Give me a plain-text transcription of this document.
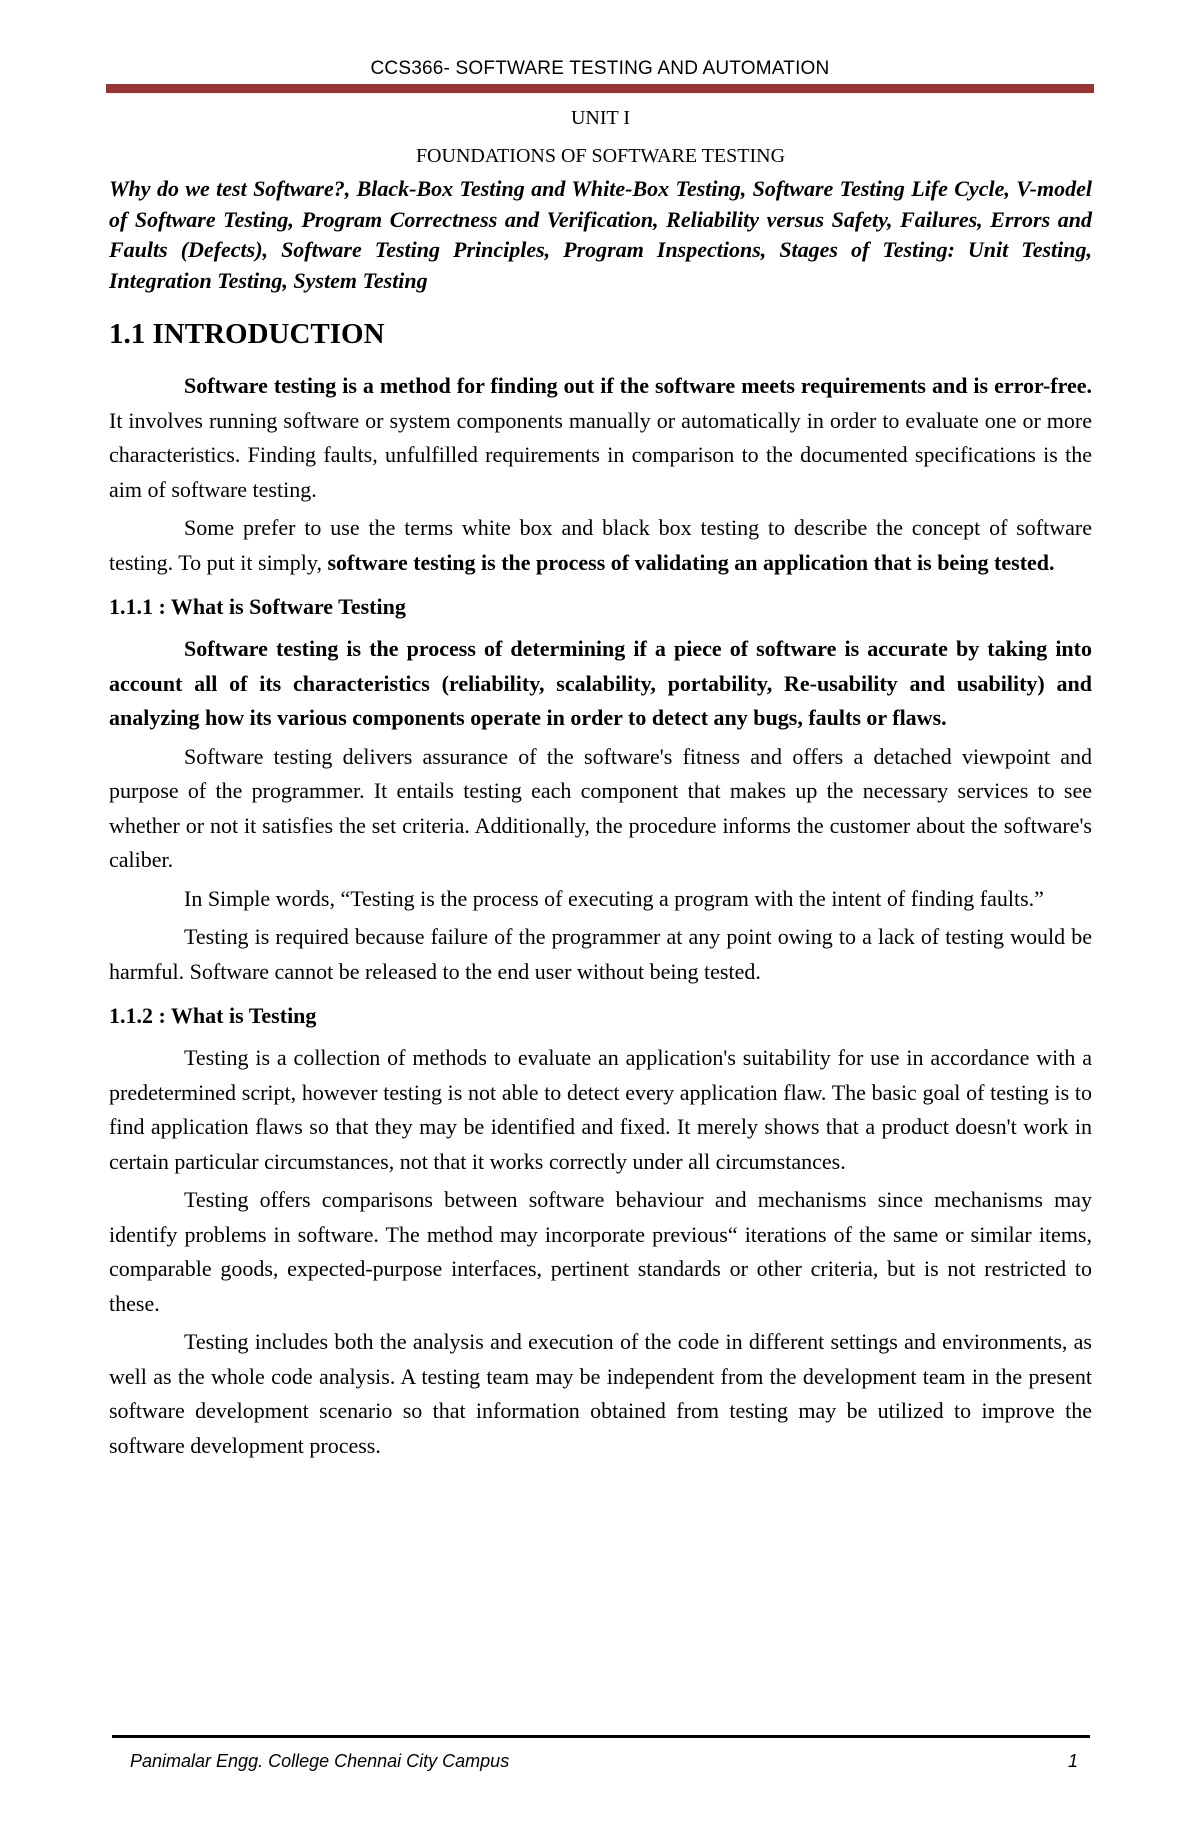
CCS366- SOFTWARE TESTING AND AUTOMATION
UNIT I
FOUNDATIONS OF SOFTWARE TESTING

Why do we test Software?, Black-Box Testing and White-Box Testing, Software Testing Life Cycle, V-model of Software Testing, Program Correctness and Verification, Reliability versus Safety, Failures, Errors and Faults (Defects), Software Testing Principles, Program Inspections, Stages of Testing: Unit Testing, Integration Testing, System Testing

1.1 INTRODUCTION

Software testing is a method for finding out if the software meets requirements and is error-free. It involves running software or system components manually or automatically in order to evaluate one or more characteristics. Finding faults, unfulfilled requirements in comparison to the documented specifications is the aim of software testing.

Some prefer to use the terms white box and black box testing to describe the concept of software testing. To put it simply, software testing is the process of validating an application that is being tested.

1.1.1 : What is Software Testing

Software testing is the process of determining if a piece of software is accurate by taking into account all of its characteristics (reliability, scalability, portability, Re-usability and usability) and analyzing how its various components operate in order to detect any bugs, faults or flaws.

Software testing delivers assurance of the software's fitness and offers a detached viewpoint and purpose of the programmer. It entails testing each component that makes up the necessary services to see whether or not it satisfies the set criteria. Additionally, the procedure informs the customer about the software's caliber.

In Simple words, “Testing is the process of executing a program with the intent of finding faults.”

Testing is required because failure of the programmer at any point owing to a lack of testing would be harmful. Software cannot be released to the end user without being tested.

1.1.2 : What is Testing

Testing is a collection of methods to evaluate an application's suitability for use in accordance with a predetermined script, however testing is not able to detect every application flaw. The basic goal of testing is to find application flaws so that they may be identified and fixed. It merely shows that a product doesn't work in certain particular circumstances, not that it works correctly under all circumstances.

Testing offers comparisons between software behaviour and mechanisms since mechanisms may identify problems in software. The method may incorporate previous“ iterations of the same or similar items, comparable goods, expected-purpose interfaces, pertinent standards or other criteria, but is not restricted to these.

Testing includes both the analysis and execution of the code in different settings and environments, as well as the whole code analysis. A testing team may be independent from the development team in the present software development scenario so that information obtained from testing may be utilized to improve the software development process.

Panimalar Engg. College Chennai City Campus	1
